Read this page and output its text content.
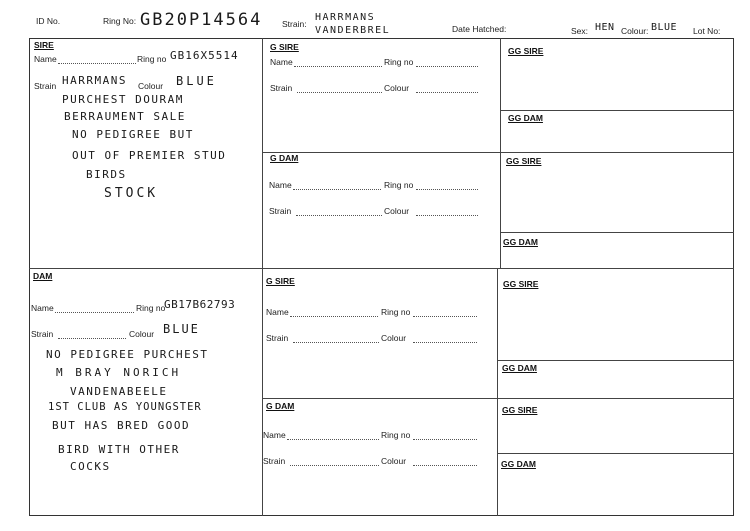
ID No.	Ring No: GB20P14564 Strain:
HARRMANS
VANDERBREL	Date Hatched:	Sex: HEN Colour: BLUE Lot No:
SIRE
Name	Ring no GB16X5514
Strain HARRMANS Colour BLUE
PURCHEST DOURAM
BERRAUMENT SALE
NO PEDIGREE BUT
OUT OF PREMIER STUD
BIRDS
STOCK
DAM
Name	Ring no
GB17B62793
Strain	Colour BLUE
NO PEDIGREE PURCHEST
M BRAY NORICH
VANDENABEELE
1ST CLUB AS YOUNGSTER
BUT HAS BRED GOOD
BIRD WITH OTHER
COCKS
G SIRE
Name	Ring no
Strain	Colour
G DAM
Name	Ring no
Strain	Colour
G SIRE
Name	Ring no
Strain	Colour
G DAM
Name	Ring no
Strain	Colour
GG SIRE
GG DAM
GG SIRE
GG DAM
GG SIRE
GG DAM
GG SIRE
GG DAM
